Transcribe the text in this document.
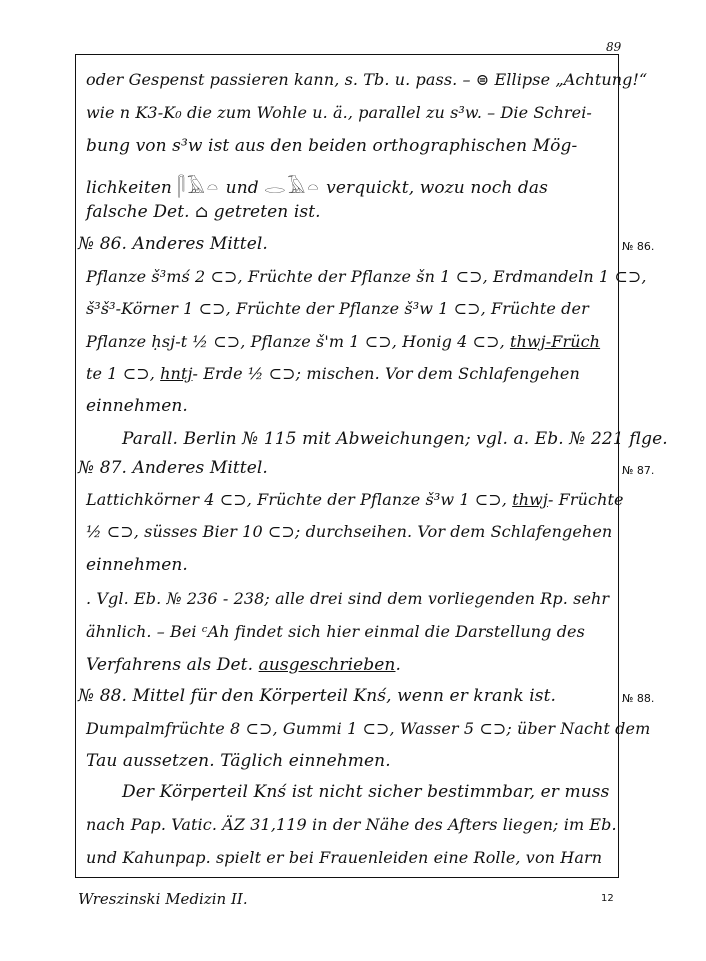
89
oder Gespenst passieren kann, s. Tb. u. pass. – ⊜ Ellipse „Achtung!“
wie n K3-K₀ die zum Wohle u. ä., parallel zu s³w. – Die Schrei-
bung von s³w ist aus den beiden orthographischen Mög-
lichkeiten 𓋴𓄿𓏏 und 𓂋𓄿𓏏 verquickt, wozu noch das
falsche Det. ⌂ getreten ist.
№ 86. Anderes Mittel.	№ 86.
Pflanze š³mś 2 ⊂⊃, Früchte der Pflanze šn 1 ⊂⊃, Erdmandeln 1 ⊂⊃,
š³š³-Körner 1 ⊂⊃, Früchte der Pflanze š³w 1 ⊂⊃, Früchte der
Pflanze ḥsj-t ½ ⊂⊃, Pflanze š'm 1 ⊂⊃, Honig 4 ⊂⊃, thwj-Früch
te 1 ⊂⊃, hntj- Erde ½ ⊂⊃; mischen. Vor dem Schlafengehen
einnehmen.
Parall. Berlin № 115 mit Abweichungen; vgl. a. Eb. № 221 flge.
№ 87. Anderes Mittel.	№ 87.
Lattichkörner 4 ⊂⊃, Früchte der Pflanze š³w 1 ⊂⊃, thwj- Früchte
½ ⊂⊃, süsses Bier 10 ⊂⊃; durchseihen. Vor dem Schlafengehen
einnehmen.
. Vgl. Eb. № 236 - 238; alle drei sind dem vorliegenden Rp. sehr
ähnlich. – Bei ᶜAh findet sich hier einmal die Darstellung des
Verfahrens als Det. ausgeschrieben.
№ 88. Mittel für den Körperteil Knś, wenn er krank ist.	№ 88.
Dumpalmfrüchte 8 ⊂⊃, Gummi 1 ⊂⊃, Wasser 5 ⊂⊃; über Nacht dem
Tau aussetzen. Täglich einnehmen.
Der Körperteil Knś ist nicht sicher bestimmbar, er muss
nach Pap. Vatic. ÄZ 31,119 in der Nähe des Afters liegen; im Eb.
und Kahunpap. spielt er bei Frauenleiden eine Rolle, von Harn
Wreszinski Medizin II.	12
